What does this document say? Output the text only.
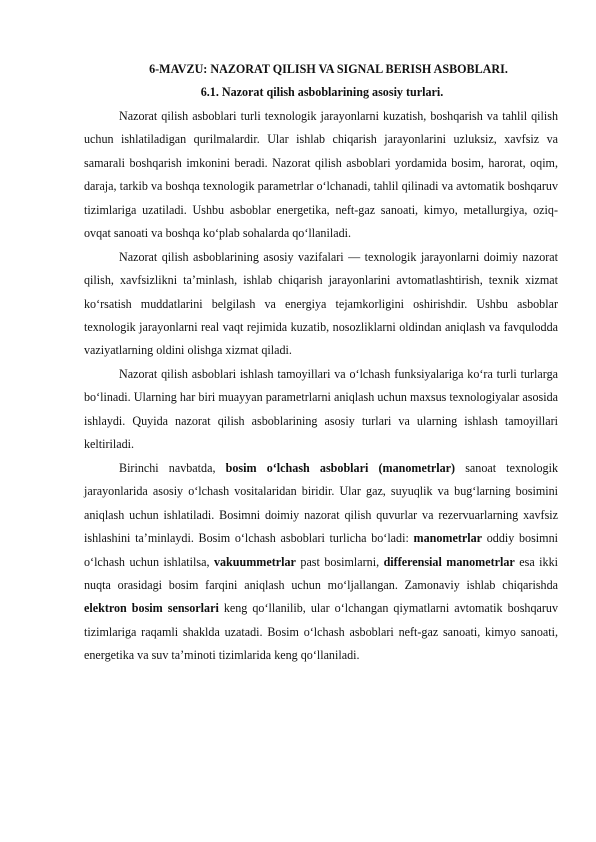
6-MAVZU: NAZORAT QILISH VA SIGNAL BERISH ASBOBLARI.

6.1. Nazorat qilish asboblarining asosiy turlari.

Nazorat qilish asboblari turli texnologik jarayonlarni kuzatish, boshqarish va tahlil qilish uchun ishlatiladigan qurilmalardir. Ular ishlab chiqarish jarayonlarini uzluksiz, xavfsiz va samarali boshqarish imkonini beradi. Nazorat qilish asboblari yordamida bosim, harorat, oqim, daraja, tarkib va boshqa texnologik parametrlar o‘lchanadi, tahlil qilinadi va avtomatik boshqaruv tizimlariga uzatiladi. Ushbu asboblar energetika, neft-gaz sanoati, kimyo, metallurgiya, oziq-ovqat sanoati va boshqa ko‘plab sohalarda qo‘llaniladi.

Nazorat qilish asboblarining asosiy vazifalari — texnologik jarayonlarni doimiy nazorat qilish, xavfsizlikni ta’minlash, ishlab chiqarish jarayonlarini avtomatlashtirish, texnik xizmat ko‘rsatish muddatlarini belgilash va energiya tejamkorligini oshirishdir. Ushbu asboblar texnologik jarayonlarni real vaqt rejimida kuzatib, nosozliklarni oldindan aniqlash va favqulodda vaziyatlarning oldini olishga xizmat qiladi.

Nazorat qilish asboblari ishlash tamoyillari va o‘lchash funksiyalariga ko‘ra turli turlarga bo‘linadi. Ularning har biri muayyan parametrlarni aniqlash uchun maxsus texnologiyalar asosida ishlaydi. Quyida nazorat qilish asboblarining asosiy turlari va ularning ishlash tamoyillari keltiriladi.

Birinchi navbatda, bosim o‘lchash asboblari (manometrlar) sanoat texnologik jarayonlarida asosiy o‘lchash vositalaridan biridir. Ular gaz, suyuqlik va bug‘larning bosimini aniqlash uchun ishlatiladi. Bosimni doimiy nazorat qilish quvurlar va rezervuarlarning xavfsiz ishlashini ta’minlaydi. Bosim o‘lchash asboblari turlicha bo‘ladi: manometrlar oddiy bosimni o‘lchash uchun ishlatilsa, vakuummetrlar past bosimlarni, differensial manometrlar esa ikki nuqta orasidagi bosim farqini aniqlash uchun mo‘ljallangan. Zamonaviy ishlab chiqarishda elektron bosim sensorlari keng qo‘llanilib, ular o‘lchangan qiymatlarni avtomatik boshqaruv tizimlariga raqamli shaklda uzatadi. Bosim o‘lchash asboblari neft-gaz sanoati, kimyo sanoati, energetika va suv ta’minoti tizimlarida keng qo‘llaniladi.
